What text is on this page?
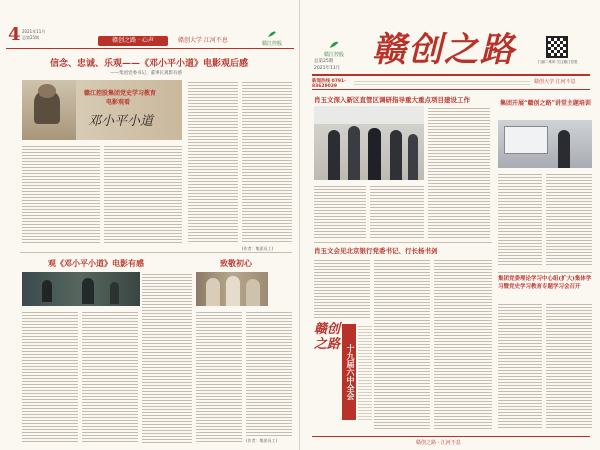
4 2021年11月
总第25期	赣创之路 · 心声	赣创大学 江河不息	赣江控股
信念、忠诚、乐观——《邓小平小道》电影观后感
——集团党委书记、董事长观影有感
赣江控股集团党史学习教育
电影观看
邓小平小道
(作者：集团员工)
观《邓小平小道》电影有感	致敬初心
(作者：集团员工)

赣江控股 赣创之路
总第25期
2021年11月
扫描二维码 关注赣江控股
新闻热线 0791-83629039
赣创大学 江河不息
肖玉文深入新区直管区调研指导重大重点项目建设工作	集团开展“赣创之路”讲堂主题培训
肖玉文会见北京银行党委书记、行长杨书剑
赣创之路 十九届六中全会
集团党委理论学习中心组(扩大)集体学习暨党史学习教育专题学习会召开
赣创之路 · 江河不息
